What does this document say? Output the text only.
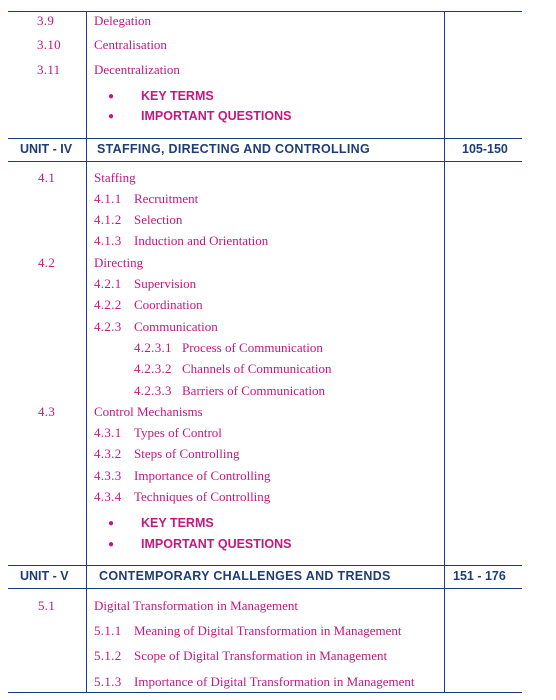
3.9	Delegation
3.10	Centralisation
3.11	Decentralization
● KEY TERMS
● IMPORTANT QUESTIONS
UNIT - IV STAFFING, DIRECTING AND CONTROLLING	105-150
4.1	Staffing
4.1.1 Recruitment
4.1.2 Selection
4.1.3 Induction and Orientation
4.2	Directing
4.2.1 Supervision
4.2.2 Coordination
4.2.3 Communication
4.2.3.1 Process of Communication
4.2.3.2 Channels of Communication
4.2.3.3 Barriers of Communication
4.3	Control Mechanisms
4.3.1 Types of Control
4.3.2 Steps of Controlling
4.3.3 Importance of Controlling
4.3.4 Techniques of Controlling
● KEY TERMS
● IMPORTANT QUESTIONS
UNIT - V CONTEMPORARY CHALLENGES AND TRENDS	151 - 176
5.1	Digital Transformation in Management
5.1.1 Meaning of Digital Transformation in Management
5.1.2 Scope of Digital Transformation in Management
5.1.3 Importance of Digital Transformation in Management
